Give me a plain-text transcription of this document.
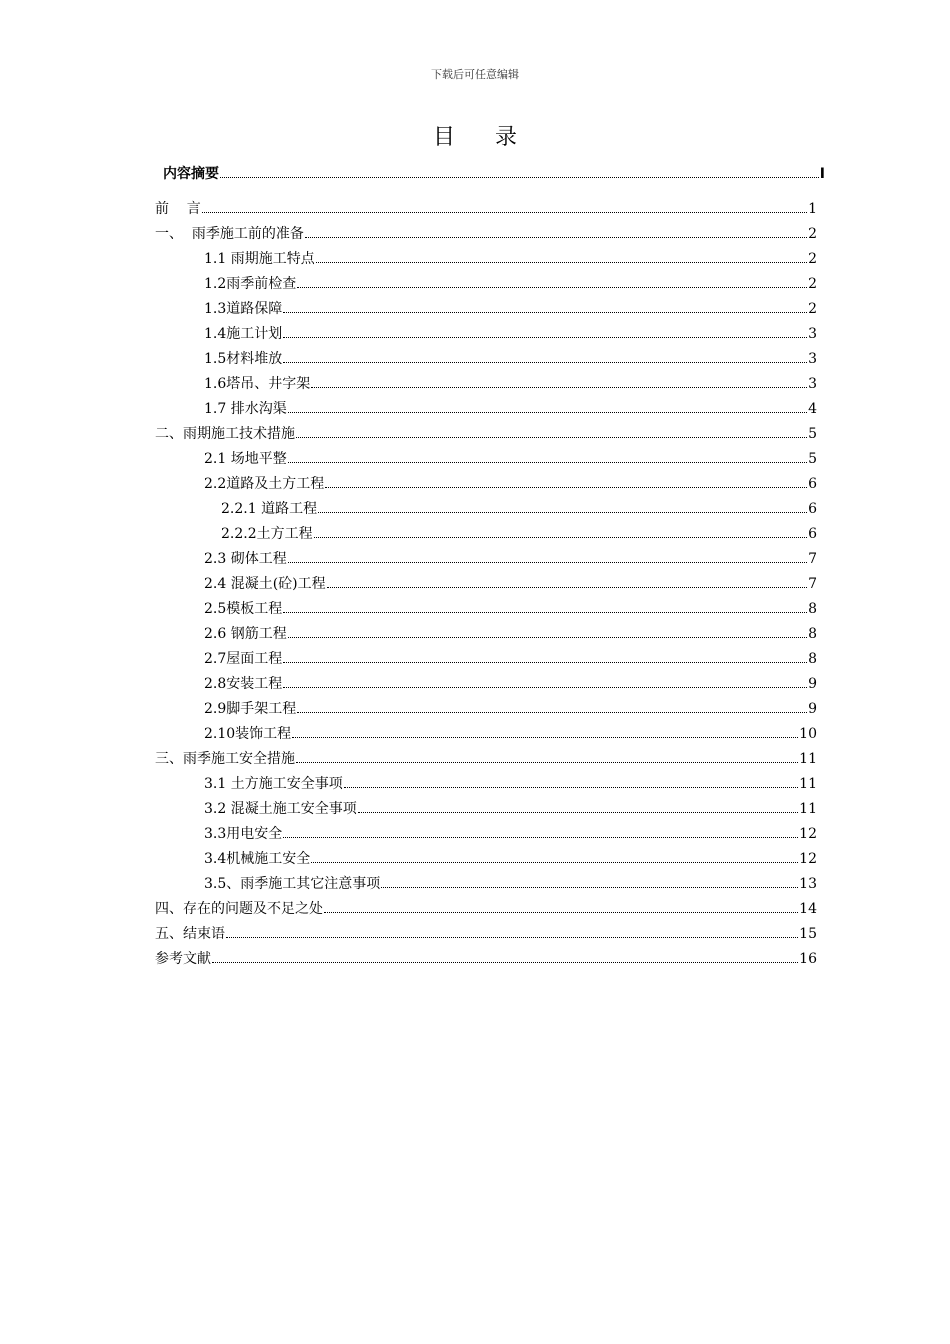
下载后可任意编辑
目录
内容摘要	I
前    言	1
一、  雨季施工前的准备	2
1.1 雨期施工特点	2
1.2雨季前检查	2
1.3道路保障	2
1.4施工计划	3
1.5材料堆放	3
1.6塔吊、井字架	3
1.7 排水沟渠	4
二、雨期施工技术措施	5
2.1 场地平整	5
2.2道路及土方工程	6
2.2.1 道路工程	6
2.2.2土方工程	6
2.3 砌体工程	7
2.4 混凝土(砼)工程	7
2.5模板工程	8
2.6 钢筋工程	8
2.7屋面工程	8
2.8安装工程	9
2.9脚手架工程	9
2.10装饰工程	10
三、雨季施工安全措施	11
3.1 土方施工安全事项	11
3.2 混凝土施工安全事项	11
3.3用电安全	12
3.4机械施工安全	12
3.5、雨季施工其它注意事项	13
四、存在的问题及不足之处	14
五、结束语	15
参考文献	16
